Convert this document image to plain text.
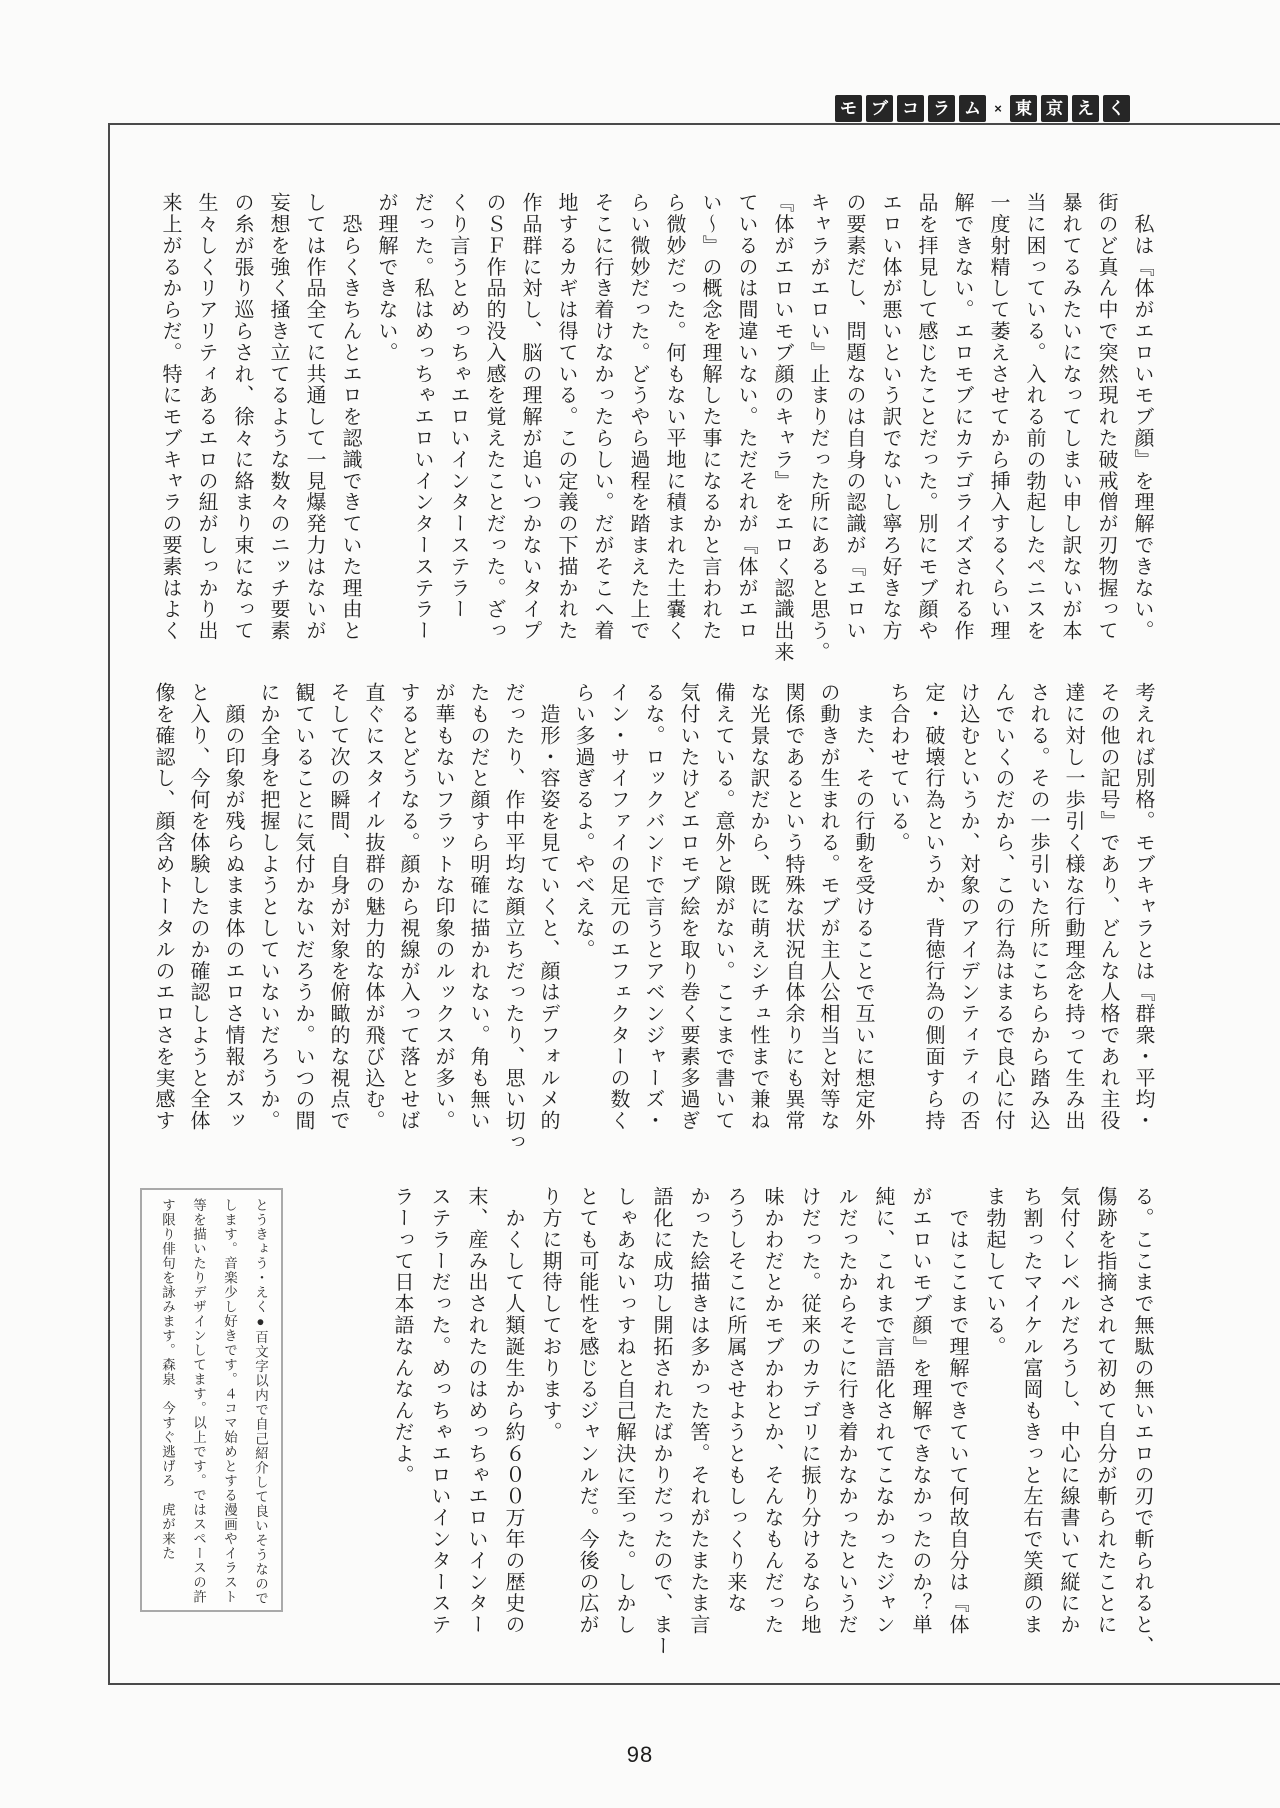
モ ブ コ ラ ム	× 東 京 え く
　私は『体がエロいモブ顔』を理解できない。
街のど真ん中で突然現れた破戒僧が刃物握って
暴れてるみたいになってしまい申し訳ないが本
当に困っている。入れる前の勃起したペニスを
一度射精して萎えさせてから挿入するくらい理
解できない。エロモブにカテゴライズされる作
品を拝見して感じたことだった。別にモブ顔や
エロい体が悪いという訳でないし寧ろ好きな方
の要素だし、問題なのは自身の認識が『エロい
キャラがエロい』止まりだった所にあると思う。
『体がエロいモブ顔のキャラ』をエロく認識出来
ているのは間違いない。ただそれが『体がエロ
い〜』の概念を理解した事になるかと言われた
ら微妙だった。何もない平地に積まれた土嚢く
らい微妙だった。どうやら過程を踏まえた上で
そこに行き着けなかったらしい。だがそこへ着
地するカギは得ている。この定義の下描かれた
作品群に対し、脳の理解が追いつかないタイプ
のＳＦ作品的没入感を覚えたことだった。ざっ
くり言うとめっちゃエロいインターステラー
だった。私はめっちゃエロいインターステラー
が理解できない。
　恐らくきちんとエロを認識できていた理由と
しては作品全てに共通して一見爆発力はないが
妄想を強く掻き立てるような数々のニッチ要素
の糸が張り巡らされ、徐々に絡まり束になって
生々しくリアリティあるエロの紐がしっかり出
来上がるからだ。特にモブキャラの要素はよく
考えれば別格。モブキャラとは『群衆・平均・
その他の記号』であり、どんな人格であれ主役
達に対し一歩引く様な行動理念を持って生み出
される。その一歩引いた所にこちらから踏み込
んでいくのだから、この行為はまるで良心に付
け込むというか、対象のアイデンティティの否
定・破壊行為というか、背徳行為の側面すら持
ち合わせている。
　また、その行動を受けることで互いに想定外
の動きが生まれる。モブが主人公相当と対等な
関係であるという特殊な状況自体余りにも異常
な光景な訳だから、既に萌えシチュ性まで兼ね
備えている。意外と隙がない。ここまで書いて
気付いたけどエロモブ絵を取り巻く要素多過ぎ
るな。ロックバンドで言うとアベンジャーズ・
イン・サイファイの足元のエフェクターの数く
らい多過ぎるよ。やべえな。
　造形・容姿を見ていくと、顔はデフォルメ的
だったり、作中平均な顔立ちだったり、思い切っ
たものだと顔すら明確に描かれない。角も無い
が華もないフラットな印象のルックスが多い。
するとどうなる。顔から視線が入って落とせば
直ぐにスタイル抜群の魅力的な体が飛び込む。
そして次の瞬間、自身が対象を俯瞰的な視点で
観ていることに気付かないだろうか。いつの間
にか全身を把握しようとしていないだろうか。
　顔の印象が残らぬまま体のエロさ情報がスッ
と入り、今何を体験したのか確認しようと全体
像を確認し、顔含めトータルのエロさを実感す
る。ここまで無駄の無いエロの刃で斬られると、
傷跡を指摘されて初めて自分が斬られたことに
気付くレベルだろうし、中心に線書いて縦にか
ち割ったマイケル富岡もきっと左右で笑顔のま
ま勃起している。
　ではここまで理解できていて何故自分は『体
がエロいモブ顔』を理解できなかったのか？単
純に、これまで言語化されてこなかったジャン
ルだったからそこに行き着かなかったというだ
けだった。従来のカテゴリに振り分けるなら地
味かわだとかモブかわとか、そんなもんだった
ろうしそこに所属させようともしっくり来な
かった絵描きは多かった筈。それがたまたま言
語化に成功し開拓されたばかりだったので、まー
しゃあないっすねと自己解決に至った。しかし
とても可能性を感じるジャンルだ。今後の広が
り方に期待しております。
　かくして人類誕生から約６００万年の歴史の
末、産み出されたのはめっちゃエロいインター
ステラーだった。めっちゃエロいインターステ
ラーって日本語なんなんだよ。
とうきょう・えく●百文字以内で自己紹介して良いそうなので
します。音楽少し好きです。４コマ始めとする漫画やイラスト
等を描いたりデザインしてます。以上です。ではスペースの許
す限り俳句を詠みます。森泉　今すぐ逃げろ　虎が来た
98
